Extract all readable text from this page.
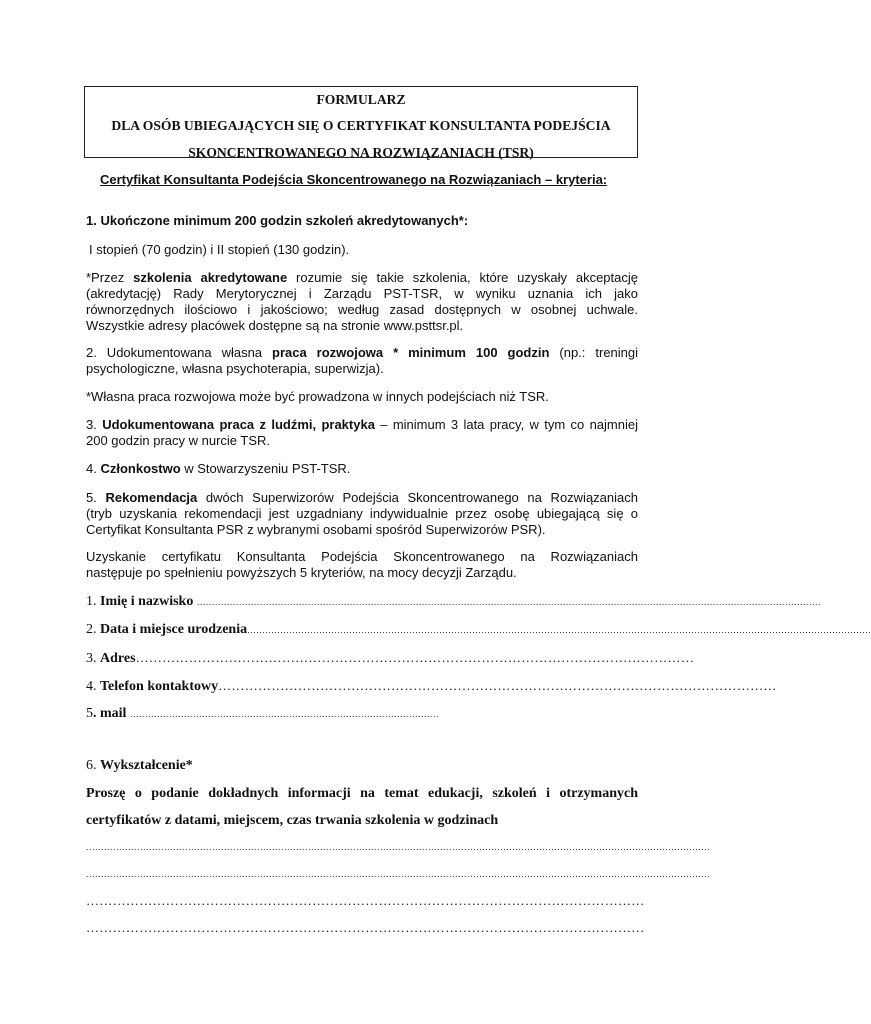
FORMULARZ
DLA OSÓB UBIEGAJĄCYCH SIĘ O CERTYFIKAT KONSULTANTA PODEJŚCIA
SKONCENTROWANEGO NA ROZWIĄZANIACH (TSR)
Certyfikat Konsultanta Podejścia Skoncentrowanego na Rozwiązaniach – kryteria:
1. Ukończone minimum 200 godzin szkoleń akredytowanych*:
I stopień (70 godzin) i II stopień (130 godzin).
*Przez szkolenia akredytowane rozumie się takie szkolenia, które uzyskały akceptację
(akredytację) Rady Merytorycznej i Zarządu PST-TSR, w wyniku uznania ich jako
równorzędnych ilościowo i jakościowo; według zasad dostępnych w osobnej uchwale.
Wszystkie adresy placówek dostępne są na stronie www.psttsr.pl.
2. Udokumentowana własna praca rozwojowa * minimum 100 godzin (np.: treningi
psychologiczne, własna psychoterapia, superwizja).
*Własna praca rozwojowa może być prowadzona w innych podejściach niż TSR.
3. Udokumentowana praca z ludźmi, praktyka – minimum 3 lata pracy, w tym co najmniej
200 godzin pracy w nurcie TSR.
4. Członkostwo w Stowarzyszeniu PST-TSR.
5. Rekomendacja dwóch Superwizorów Podejścia Skoncentrowanego na Rozwiązaniach
(tryb uzyskania rekomendacji jest uzgadniany indywidualnie przez osobę ubiegającą się o
Certyfikat Konsultanta PSR z wybranymi osobami spośród Superwizorów PSR).
Uzyskanie certyfikatu Konsultanta Podejścia Skoncentrowanego na Rozwiązaniach
następuje po spełnieniu powyższych 5 kryteriów, na mocy decyzji Zarządu.
1. Imię i nazwisko ................................................................................................................................................................................................................
2. Data i miejsce urodzenia................................................................................................................................................................................................................
3. Adres………………………………………………………………………………………………………………
4. Telefon kontaktowy………………………………………………………………………………………………………………
5. mail .......................................................................................................
6. Wykształcenie*
Proszę o podanie dokładnych informacji na temat edukacji, szkoleń i otrzymanych
certyfikatów z datami, miejscem, czas trwania szkolenia w godzinach
................................................................................................................................................................................................................
................................................................................................................................................................................................................
………………………………………………………………………………………………………………
………………………………………………………………………………………………………………
